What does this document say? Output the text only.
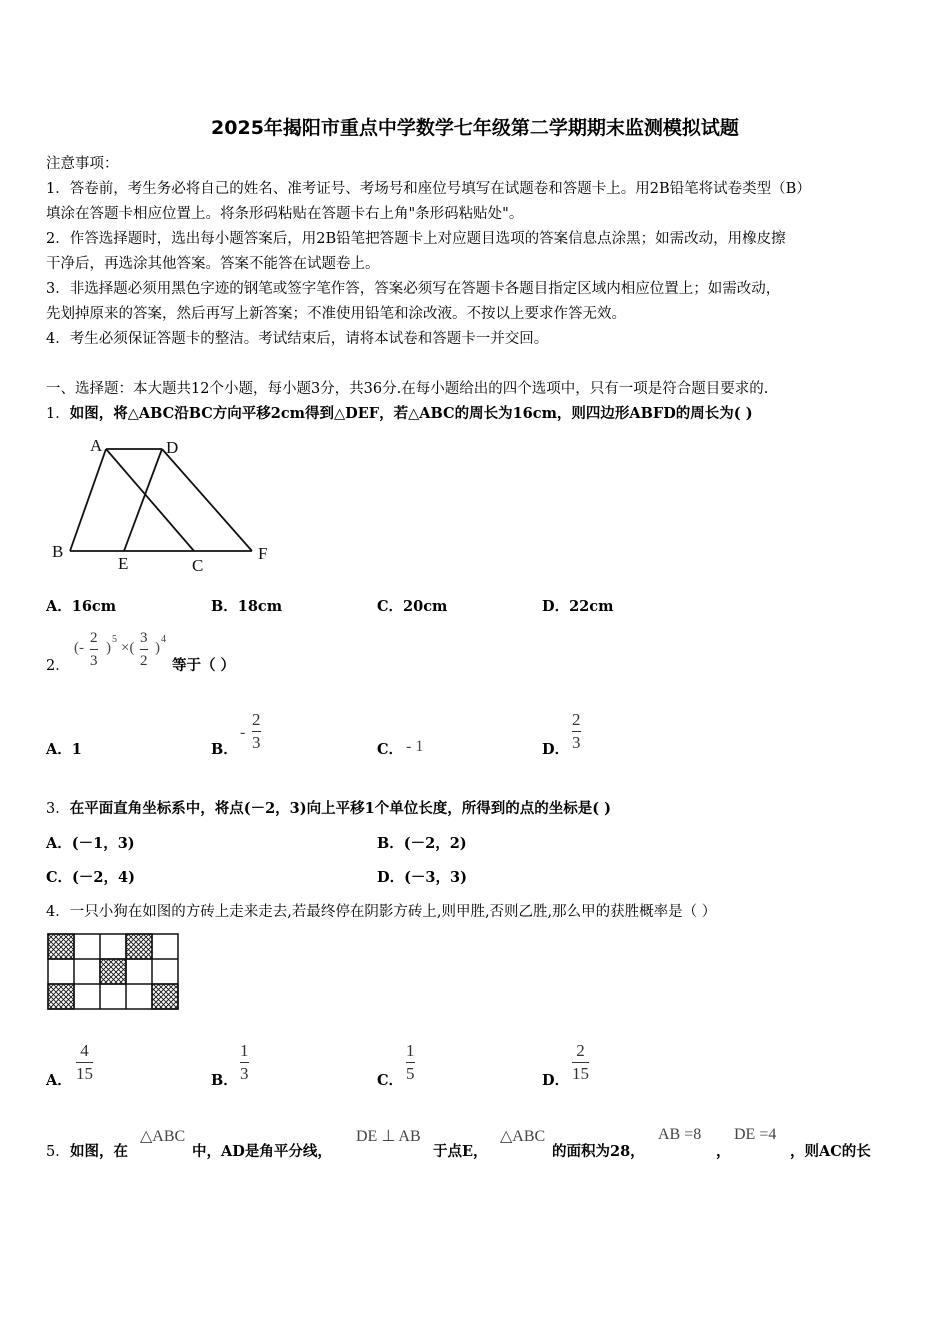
2025年揭阳市重点中学数学七年级第二学期期末监测模拟试题
注意事项：
1．答卷前，考生务必将自己的姓名、准考证号、考场号和座位号填写在试题卷和答题卡上。用2B铅笔将试卷类型（B）
填涂在答题卡相应位置上。将条形码粘贴在答题卡右上角"条形码粘贴处"。
2．作答选择题时，选出每小题答案后，用2B铅笔把答题卡上对应题目选项的答案信息点涂黑；如需改动，用橡皮擦
干净后，再选涂其他答案。答案不能答在试题卷上。
3．非选择题必须用黑色字迹的钢笔或签字笔作答，答案必须写在答题卡各题目指定区域内相应位置上；如需改动，
先划掉原来的答案，然后再写上新答案；不准使用铅笔和涂改液。不按以上要求作答无效。
4．考生必须保证答题卡的整洁。考试结束后，请将本试卷和答题卡一并交回。
一、选择题：本大题共12个小题，每小题3分，共36分.在每小题给出的四个选项中，只有一项是符合题目要求的.
1．如图，将△ABC沿BC方向平移2cm得到△DEF，若△ABC的周长为16cm，则四边形ABFD的周长为( )
A	D
B
E	C
F
A．16cm	B．18cm	C．20cm	D．22cm
2．
(-
2
3
)
5
×(
3
2
)
4
等于（ ）
A．1	B．
-
2
3	C． - 1	D．
2
3
3．在平面直角坐标系中，将点(－2，3)向上平移1个单位长度，所得到的点的坐标是( )
A．(－1，3)	B．(－2，2)
C．(－2，4)	D．(－3，3)
4．一只小狗在如图的方砖上走来走去,若最终停在阴影方砖上,则甲胜,否则乙胜,那么甲的获胜概率是（ ）
A．
4
15	B．
1
3	C．
1
5	D．
2
15
5． 如图，在
△ABC
中，AD是角平分线，
DE ⊥ AB
于点E，
△ABC
的面积为28，
AB =8
，
DE =4
，则AC的长
